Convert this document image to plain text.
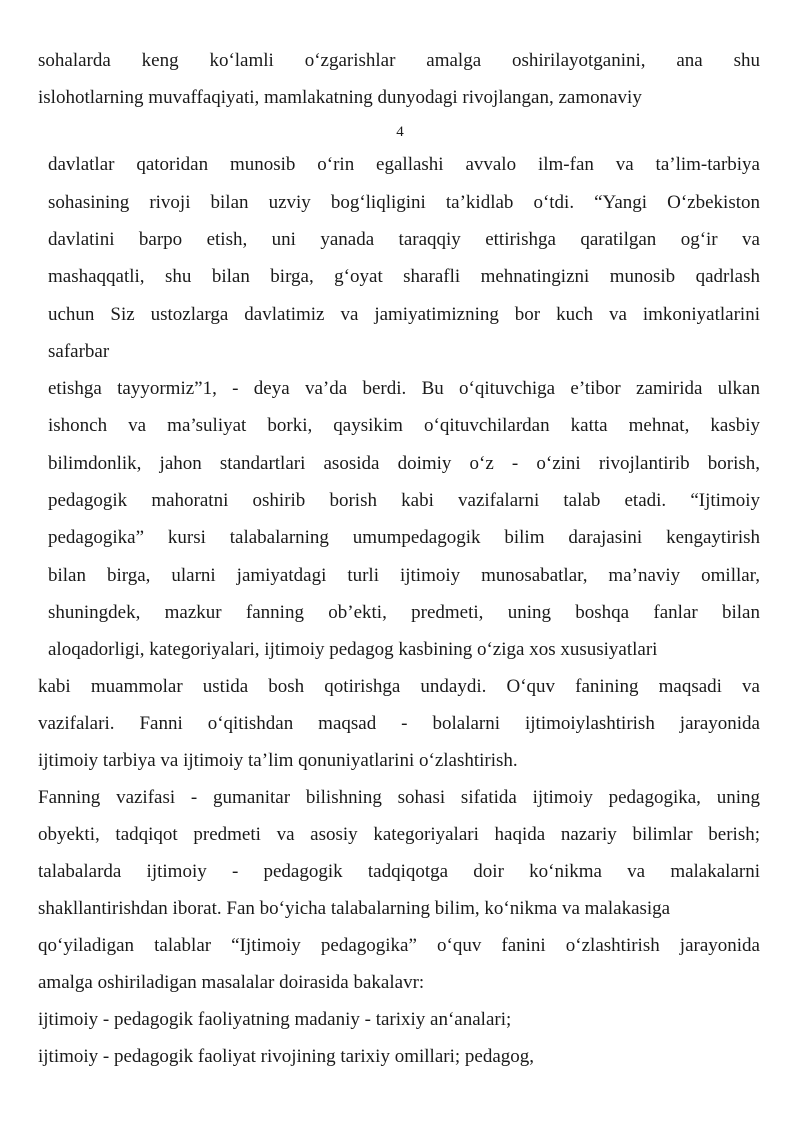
sohalarda keng koʻlamli oʻzgarishlar amalga oshirilayotganini, ana shu
islohotlarning muvaffaqiyati, mamlakatning dunyodagi rivojlangan, zamonaviy
4
davlatlar qatoridan munosib oʻrin egallashi avvalo ilm-fan va ta’lim-tarbiya
sohasining rivoji bilan uzviy bogʻliqligini ta’kidlab oʻtdi. “Yangi Oʻzbekiston
davlatini barpo etish, uni yanada taraqqiy ettirishga qaratilgan ogʻir va
mashaqqatli, shu bilan birga, gʻoyat sharafli mehnatingizni munosib qadrlash
uchun Siz ustozlarga davlatimiz va jamiyatimizning bor kuch va imkoniyatlarini
safarbar
etishga tayyormiz”1, - deya va’da berdi. Bu oʻqituvchiga e’tibor zamirida ulkan
ishonch va ma’suliyat borki, qaysikim oʻqituvchilardan katta mehnat, kasbiy
bilimdonlik, jahon standartlari asosida doimiy oʻz - oʻzini rivojlantirib borish,
pedagogik mahoratni oshirib borish kabi vazifalarni talab etadi. “Ijtimoiy
pedagogika” kursi talabalarning umumpedagogik bilim darajasini kengaytirish
bilan birga, ularni jamiyatdagi turli ijtimoiy munosabatlar, ma’naviy omillar,
shuningdek, mazkur fanning ob’ekti, predmeti, uning boshqa fanlar bilan
aloqadorligi, kategoriyalari, ijtimoiy pedagog kasbining oʻziga xos xususiyatlari
kabi muammolar ustida bosh qotirishga undaydi. Oʻquv fanining maqsadi va
vazifalari. Fanni oʻqitishdan maqsad - bolalarni ijtimoiylashtirish jarayonida
ijtimoiy tarbiya va ijtimoiy ta’lim qonuniyatlarini oʻzlashtirish.
Fanning vazifasi - gumanitar bilishning sohasi sifatida ijtimoiy pedagogika, uning
obyekti, tadqiqot predmeti va asosiy kategoriyalari haqida nazariy bilimlar berish;
talabalarda ijtimoiy - pedagogik tadqiqotga doir koʻnikma va malakalarni
shakllantirishdan iborat. Fan boʻyicha talabalarning bilim, koʻnikma va malakasiga
qoʻyiladigan talablar “Ijtimoiy pedagogika” oʻquv fanini oʻzlashtirish jarayonida
amalga oshiriladigan masalalar doirasida bakalavr:
ijtimoiy - pedagogik faoliyatning madaniy - tarixiy an‘analari;
ijtimoiy - pedagogik faoliyat rivojining tarixiy omillari; pedagog,
